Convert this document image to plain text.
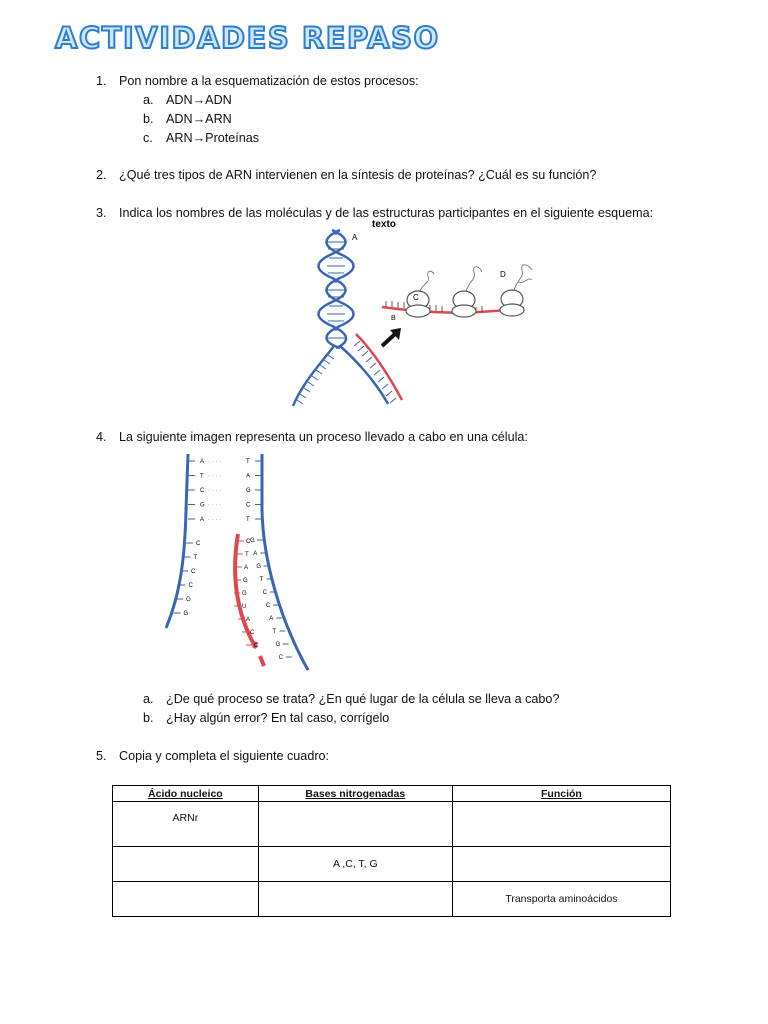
ACTIVIDADES REPASO
1. Pon nombre a la esquematización de estos procesos:
a. ADN→ADN
b. ADN→ARN
c. ARN→Proteínas
2. ¿Qué tres tipos de ARN intervienen en la síntesis de proteínas? ¿Cuál es su función?
3. Indica los nombres de las moléculas y de las estructuras participantes en el siguiente esquema:
texto
A
C
D
B
4. La siguiente imagen representa un proceso llevado a cabo en una célula:
A · · · ·	T
T · · · ·	A
C · · · ·	G
G · · · ·	C
A · · · ·	T
C
T
C
C
G
G
C
T
A
G
G
U
A
C
C
G
A
G
T
C
C
A
T
G
C
a. ¿De qué proceso se trata? ¿En qué lugar de la célula se lleva a cabo?
b. ¿Hay algún error? En tal caso, corrígelo
5. Copia y completa el siguiente cuadro:
Ácido nucleico	Bases nitrogenadas	Función
ARNr		
	A ,C, T, G	
		Transporta aminoácidos
